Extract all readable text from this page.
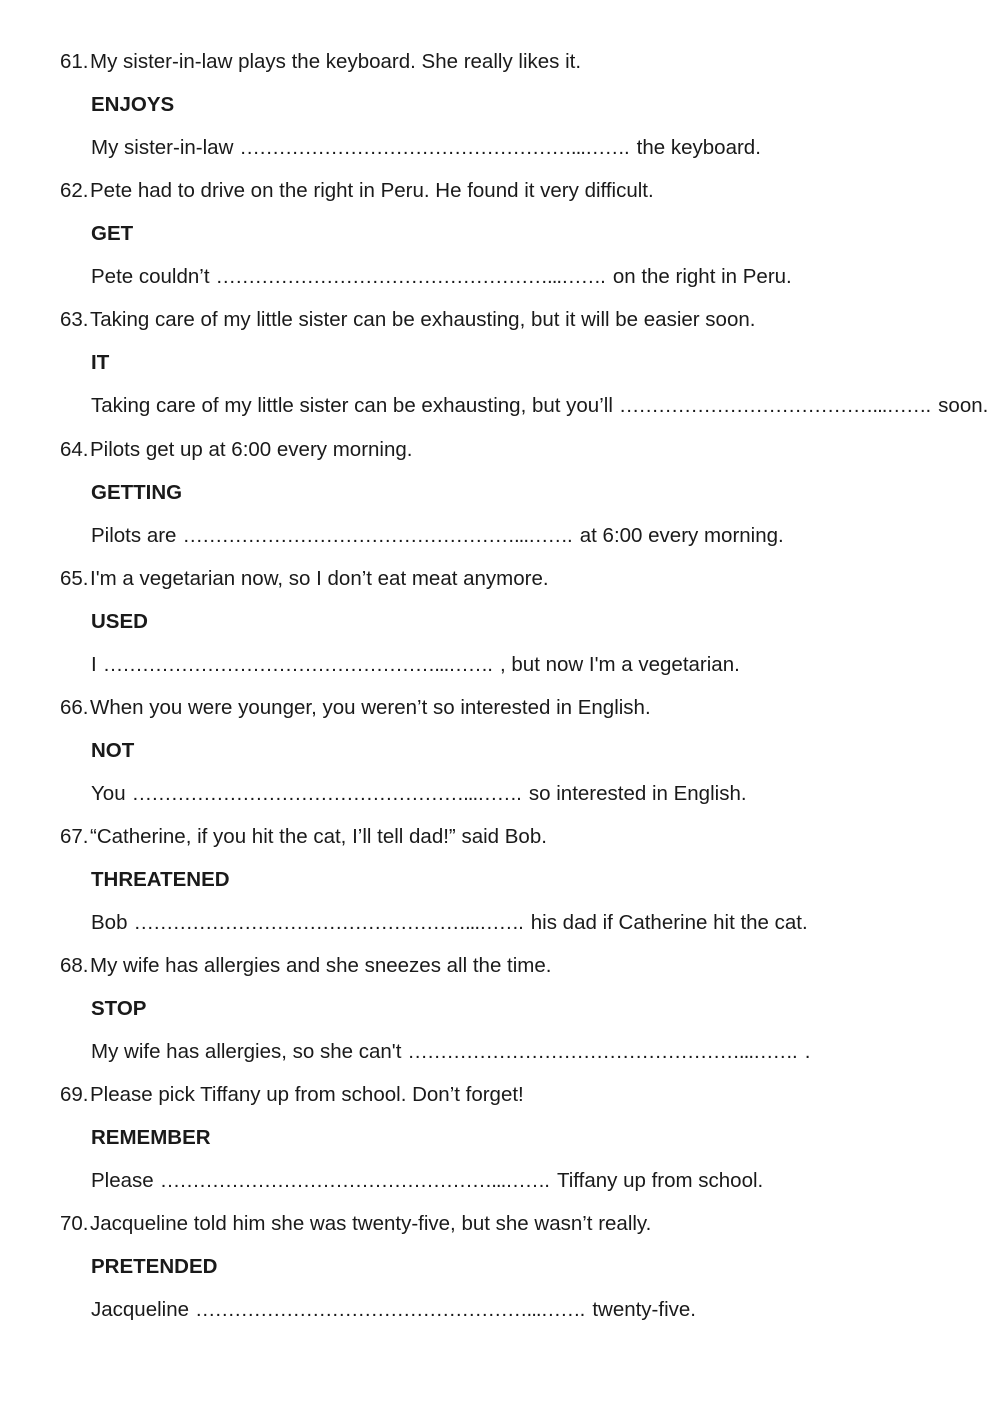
61.My sister-in-law plays the keyboard. She really likes it.
ENJOYS
My sister-in-law ……………………………………………...……. the keyboard.
62.Pete had to drive on the right in Peru. He found it very difficult.
GET
Pete couldn’t ……………………………………………...……. on the right in Peru.
63.Taking care of my little sister can be exhausting, but it will be easier soon.
IT
Taking care of my little sister can be exhausting, but you’ll …………………………………...……. soon.
64.Pilots get up at 6:00 every morning.
GETTING
Pilots are ……………………………………………...……. at 6:00 every morning.
65.I'm a vegetarian now, so I don’t eat meat anymore.
USED
I ……………………………………………...……. , but now I'm a vegetarian.
66.When you were younger, you weren’t so interested in English.
NOT
You ……………………………………………...……. so interested in English.
67.“Catherine, if you hit the cat, I’ll tell dad!” said Bob.
THREATENED
Bob ……………………………………………...……. his dad if Catherine hit the cat.
68.My wife has allergies and she sneezes all the time.
STOP
My wife has allergies, so she can't ……………………………………………...……. .
69.Please pick Tiffany up from school. Don’t forget!
REMEMBER
Please ……………………………………………...……. Tiffany up from school.
70.Jacqueline told him she was twenty-five, but she wasn’t really.
PRETENDED
Jacqueline ……………………………………………...……. twenty-five.
